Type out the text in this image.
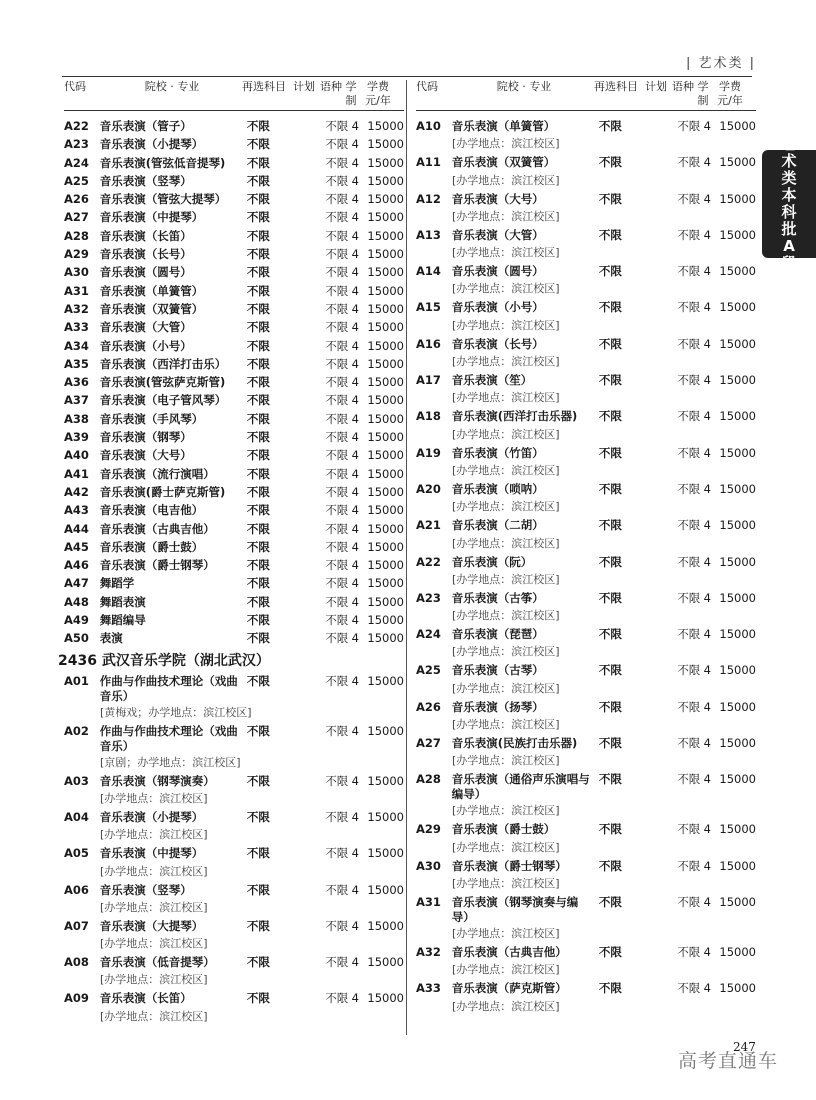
| 艺术类 |
艺
术
类
本
科
批
A
段
代码	院校 · 专业	再选科目 计划 语种 学
制
学费
元/年
A22 音乐表演（管子）	不限	不限 4 15000
A23 音乐表演（小提琴）	不限	不限 4 15000
A24 音乐表演(管弦低音提琴)	不限	不限 4 15000
A25 音乐表演（竖琴）	不限	不限 4 15000
A26 音乐表演（管弦大提琴）	不限	不限 4 15000
A27 音乐表演（中提琴）	不限	不限 4 15000
A28 音乐表演（长笛）	不限	不限 4 15000
A29 音乐表演（长号）	不限	不限 4 15000
A30 音乐表演（圆号）	不限	不限 4 15000
A31 音乐表演（单簧管）	不限	不限 4 15000
A32 音乐表演（双簧管）	不限	不限 4 15000
A33 音乐表演（大管）	不限	不限 4 15000
A34 音乐表演（小号）	不限	不限 4 15000
A35 音乐表演（西洋打击乐）	不限	不限 4 15000
A36 音乐表演(管弦萨克斯管)	不限	不限 4 15000
A37 音乐表演（电子管风琴）	不限	不限 4 15000
A38 音乐表演（手风琴）	不限	不限 4 15000
A39 音乐表演（钢琴）	不限	不限 4 15000
A40 音乐表演（大号）	不限	不限 4 15000
A41 音乐表演（流行演唱）	不限	不限 4 15000
A42 音乐表演(爵士萨克斯管)	不限	不限 4 15000
A43 音乐表演（电吉他）	不限	不限 4 15000
A44 音乐表演（古典吉他）	不限	不限 4 15000
A45 音乐表演（爵士鼓）	不限	不限 4 15000
A46 音乐表演（爵士钢琴）	不限	不限 4 15000
A47 舞蹈学	不限	不限 4 15000
A48 舞蹈表演	不限	不限 4 15000
A49 舞蹈编导	不限	不限 4 15000
A50 表演	不限	不限 4 15000
2436 武汉音乐学院（湖北武汉）
A01 作曲与作曲技术理论（戏曲音乐）
不限	不限 4 15000
[黄梅戏；办学地点：滨江校区]
A02 作曲与作曲技术理论（戏曲音乐）
不限	不限 4 15000
[京剧；办学地点：滨江校区]
A03 音乐表演（钢琴演奏）	不限	不限 4 15000
[办学地点：滨江校区]
A04 音乐表演（小提琴）	不限	不限 4 15000
[办学地点：滨江校区]
A05 音乐表演（中提琴）	不限	不限 4 15000
[办学地点：滨江校区]
A06 音乐表演（竖琴）	不限	不限 4 15000
[办学地点：滨江校区]
A07 音乐表演（大提琴）	不限	不限 4 15000
[办学地点：滨江校区]
A08 音乐表演（低音提琴）	不限	不限 4 15000
[办学地点：滨江校区]
A09 音乐表演（长笛）	不限	不限 4 15000
[办学地点：滨江校区]
代码	院校 · 专业	再选科目 计划 语种 学
制
学费
元/年
A10 音乐表演（单簧管）	不限	不限 4 15000
[办学地点：滨江校区]
A11 音乐表演（双簧管）	不限	不限 4 15000
[办学地点：滨江校区]
A12 音乐表演（大号）	不限	不限 4 15000
[办学地点：滨江校区]
A13 音乐表演（大管）	不限	不限 4 15000
[办学地点：滨江校区]
A14 音乐表演（圆号）	不限	不限 4 15000
[办学地点：滨江校区]
A15 音乐表演（小号）	不限	不限 4 15000
[办学地点：滨江校区]
A16 音乐表演（长号）	不限	不限 4 15000
[办学地点：滨江校区]
A17 音乐表演（笙）	不限	不限 4 15000
[办学地点：滨江校区]
A18 音乐表演(西洋打击乐器)	不限	不限 4 15000
[办学地点：滨江校区]
A19 音乐表演（竹笛）	不限	不限 4 15000
[办学地点：滨江校区]
A20 音乐表演（唢呐）	不限	不限 4 15000
[办学地点：滨江校区]
A21 音乐表演（二胡）	不限	不限 4 15000
[办学地点：滨江校区]
A22 音乐表演（阮）	不限	不限 4 15000
[办学地点：滨江校区]
A23 音乐表演（古筝）	不限	不限 4 15000
[办学地点：滨江校区]
A24 音乐表演（琵琶）	不限	不限 4 15000
[办学地点：滨江校区]
A25 音乐表演（古琴）	不限	不限 4 15000
[办学地点：滨江校区]
A26 音乐表演（扬琴）	不限	不限 4 15000
[办学地点：滨江校区]
A27 音乐表演(民族打击乐器)	不限	不限 4 15000
[办学地点：滨江校区]
A28 音乐表演（通俗声乐演唱与编导）
不限	不限 4 15000
[办学地点：滨江校区]
A29 音乐表演（爵士鼓）	不限	不限 4 15000
[办学地点：滨江校区]
A30 音乐表演（爵士钢琴）	不限	不限 4 15000
[办学地点：滨江校区]
A31 音乐表演（钢琴演奏与编导）
不限	不限 4 15000
[办学地点：滨江校区]
A32 音乐表演（古典吉他）	不限	不限 4 15000
[办学地点：滨江校区]
A33 音乐表演（萨克斯管）	不限	不限 4 15000
[办学地点：滨江校区]
247
高考直通车
